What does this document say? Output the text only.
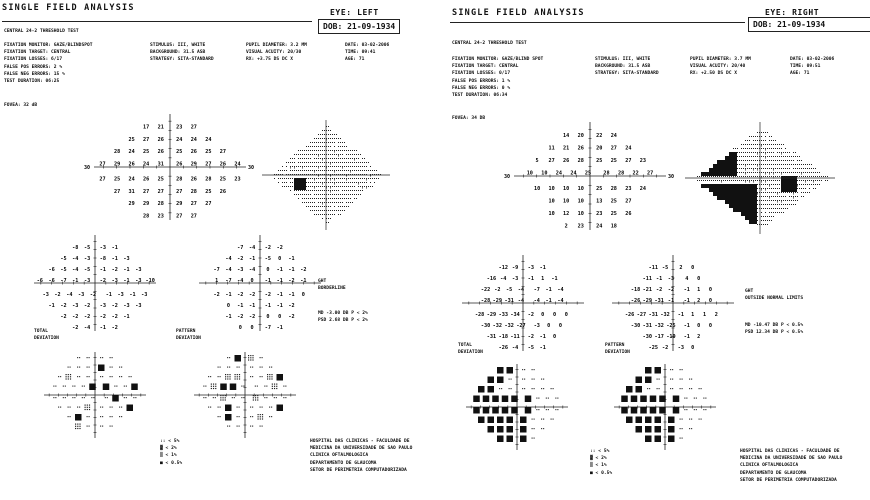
SINGLE FIELD ANALYSIS	EYE: LEFT
DOB: 21-09-1934
CENTRAL 24-2 THRESHOLD TEST
FIXATION MONITOR: GAZE/BLINDSPOT
FIXATION TARGET: CENTRAL
FIXATION LOSSES: 6/17
FALSE POS ERRORS: 2 %
FALSE NEG ERRORS: 15 %
TEST DURATION: 06:25
STIMULUS: III, WHITE
BACKGROUND: 31.5 ASB
STRATEGY: SITA-STANDARD
PUPIL DIAMETER: 3.2 MM
VISUAL ACUITY: 20/30
RX: +3.75 DS DC X
DATE: 03-02-2006
TIME: 09:41
AGE: 71
FOVEA: 32 dB
30	30
17 21 23 27
25 27 26 24 24 24
28 24 25 26 25 26 25 27
27 29 26 24 31 26 29 27 26 24
27 25 24 26 25 28 26 28 25 23
27 31 27 27 27 28 25 26
29 29 28 29 27 27
28 23 27 27
-8 -5 -3 -1
-5 -4 -3 -8 -1 -3
-6 -5 -4 -5 -1 -2 -1 -3
-6 -6 -7 -1 -3 -2 -3 -1 -3 -10
-3 -2 -4 -3 -2 -1 -3 -1 -3
-1 -2 -3 -2 -3 -2 -3 -3
-2 -2 -2 -2 -2 -1
-2 -4 -1 -2
-7 -4 -2 -2
-4 -2 -1 -5 0 -1
-7 -4 -3 -4 0 -1 -1 -2
1 -7 -4 0 -1 -1 -2 -1
-2 -1 -2 -2 -2 -1 -1 0
0 -1 -1 -1 -1 -2
-1 -2 -2 0 0 -2
0 0 -7 -1
TOTAL
DEVIATION
PATTERN
DEVIATION
GHT
BORDERLINE
MD -3.00 DB P < 2%
PSD 2.68 DB P < 2%
:: < 5%
▓ < 2%
▒ < 1%
■ < 0.5%
HOSPITAL DAS CLINICAS - FACULDADE DE
MEDICINA DA UNIVERSIDADE DE SAO PAULO
CLINICA OFTALMOLOGICA
DEPARTAMENTO DE GLAUCOMA
SETOR DE PERIMETRIA COMPUTADORIZADA
SINGLE FIELD ANALYSIS	EYE: RIGHT
DOB: 21-09-1934
CENTRAL 24-2 THRESHOLD TEST
FIXATION MONITOR: GAZE/BLIND SPOT
FIXATION TARGET: CENTRAL
FIXATION LOSSES: 0/17
FALSE POS ERRORS: 1 %
FALSE NEG ERRORS: 0 %
TEST DURATION: 06:34
STIMULUS: III, WHITE
BACKGROUND: 31.5 ASB
STRATEGY: SITA-STANDARD
PUPIL DIAMETER: 3.7 MM
VISUAL ACUITY: 20/40
RX: +2.50 DS DC X
DATE: 03-02-2006
TIME: 09:51
AGE: 71
FOVEA: 34 DB
30	30
14 20 22 24
11 21 26 20 27 24
5 27 26 28 25 25 27 23
10 10 24 24 25 28 28 22 27
10 10 10 10 25 28 23 24
10 10 10 13 25 27
10 12 10 23 25 26
2 23 24 18
-12 -9 -3 -1
-16 -4 -3 -1 1 -1
-22 -2 -5 -4 -7 -1 -4
-28 -29 -31 -4 -4 -1 -4
-28 -29 -33 -34 -2 0 0 0
-30 -32 -32 -27 -3 0 0
-31 -18 -11 -2 -1 0
-26 -4 -5 -1
-11 -5 2 0
-11 -1 -3 4 0
-18 -21 -2 -2 -1 1 0
-26 -29 -31 -1 -1 2 0
-26 -27 -31 -32 -1 1 1 2
-30 -31 -32 -25 -1 0 0
-30 -17 -10 -1 2
-25 -2 -3 0
TOTAL
DEVIATION
PATTERN
DEVIATION
GHT
OUTSIDE NORMAL LIMITS
MD -10.47 DB P < 0.5%
PSD 12.34 DB P < 0.5%
:: < 5%
▓ < 2%
▒ < 1%
■ < 0.5%
HOSPITAL DAS CLINICAS - FACULDADE DE
MEDICINA DA UNIVERSIDADE DE SAO PAULO
CLINICA OFTALMOLOGICA
DEPARTAMENTO DE GLAUCOMA
SETOR DE PERIMETRIA COMPUTADORIZADA
